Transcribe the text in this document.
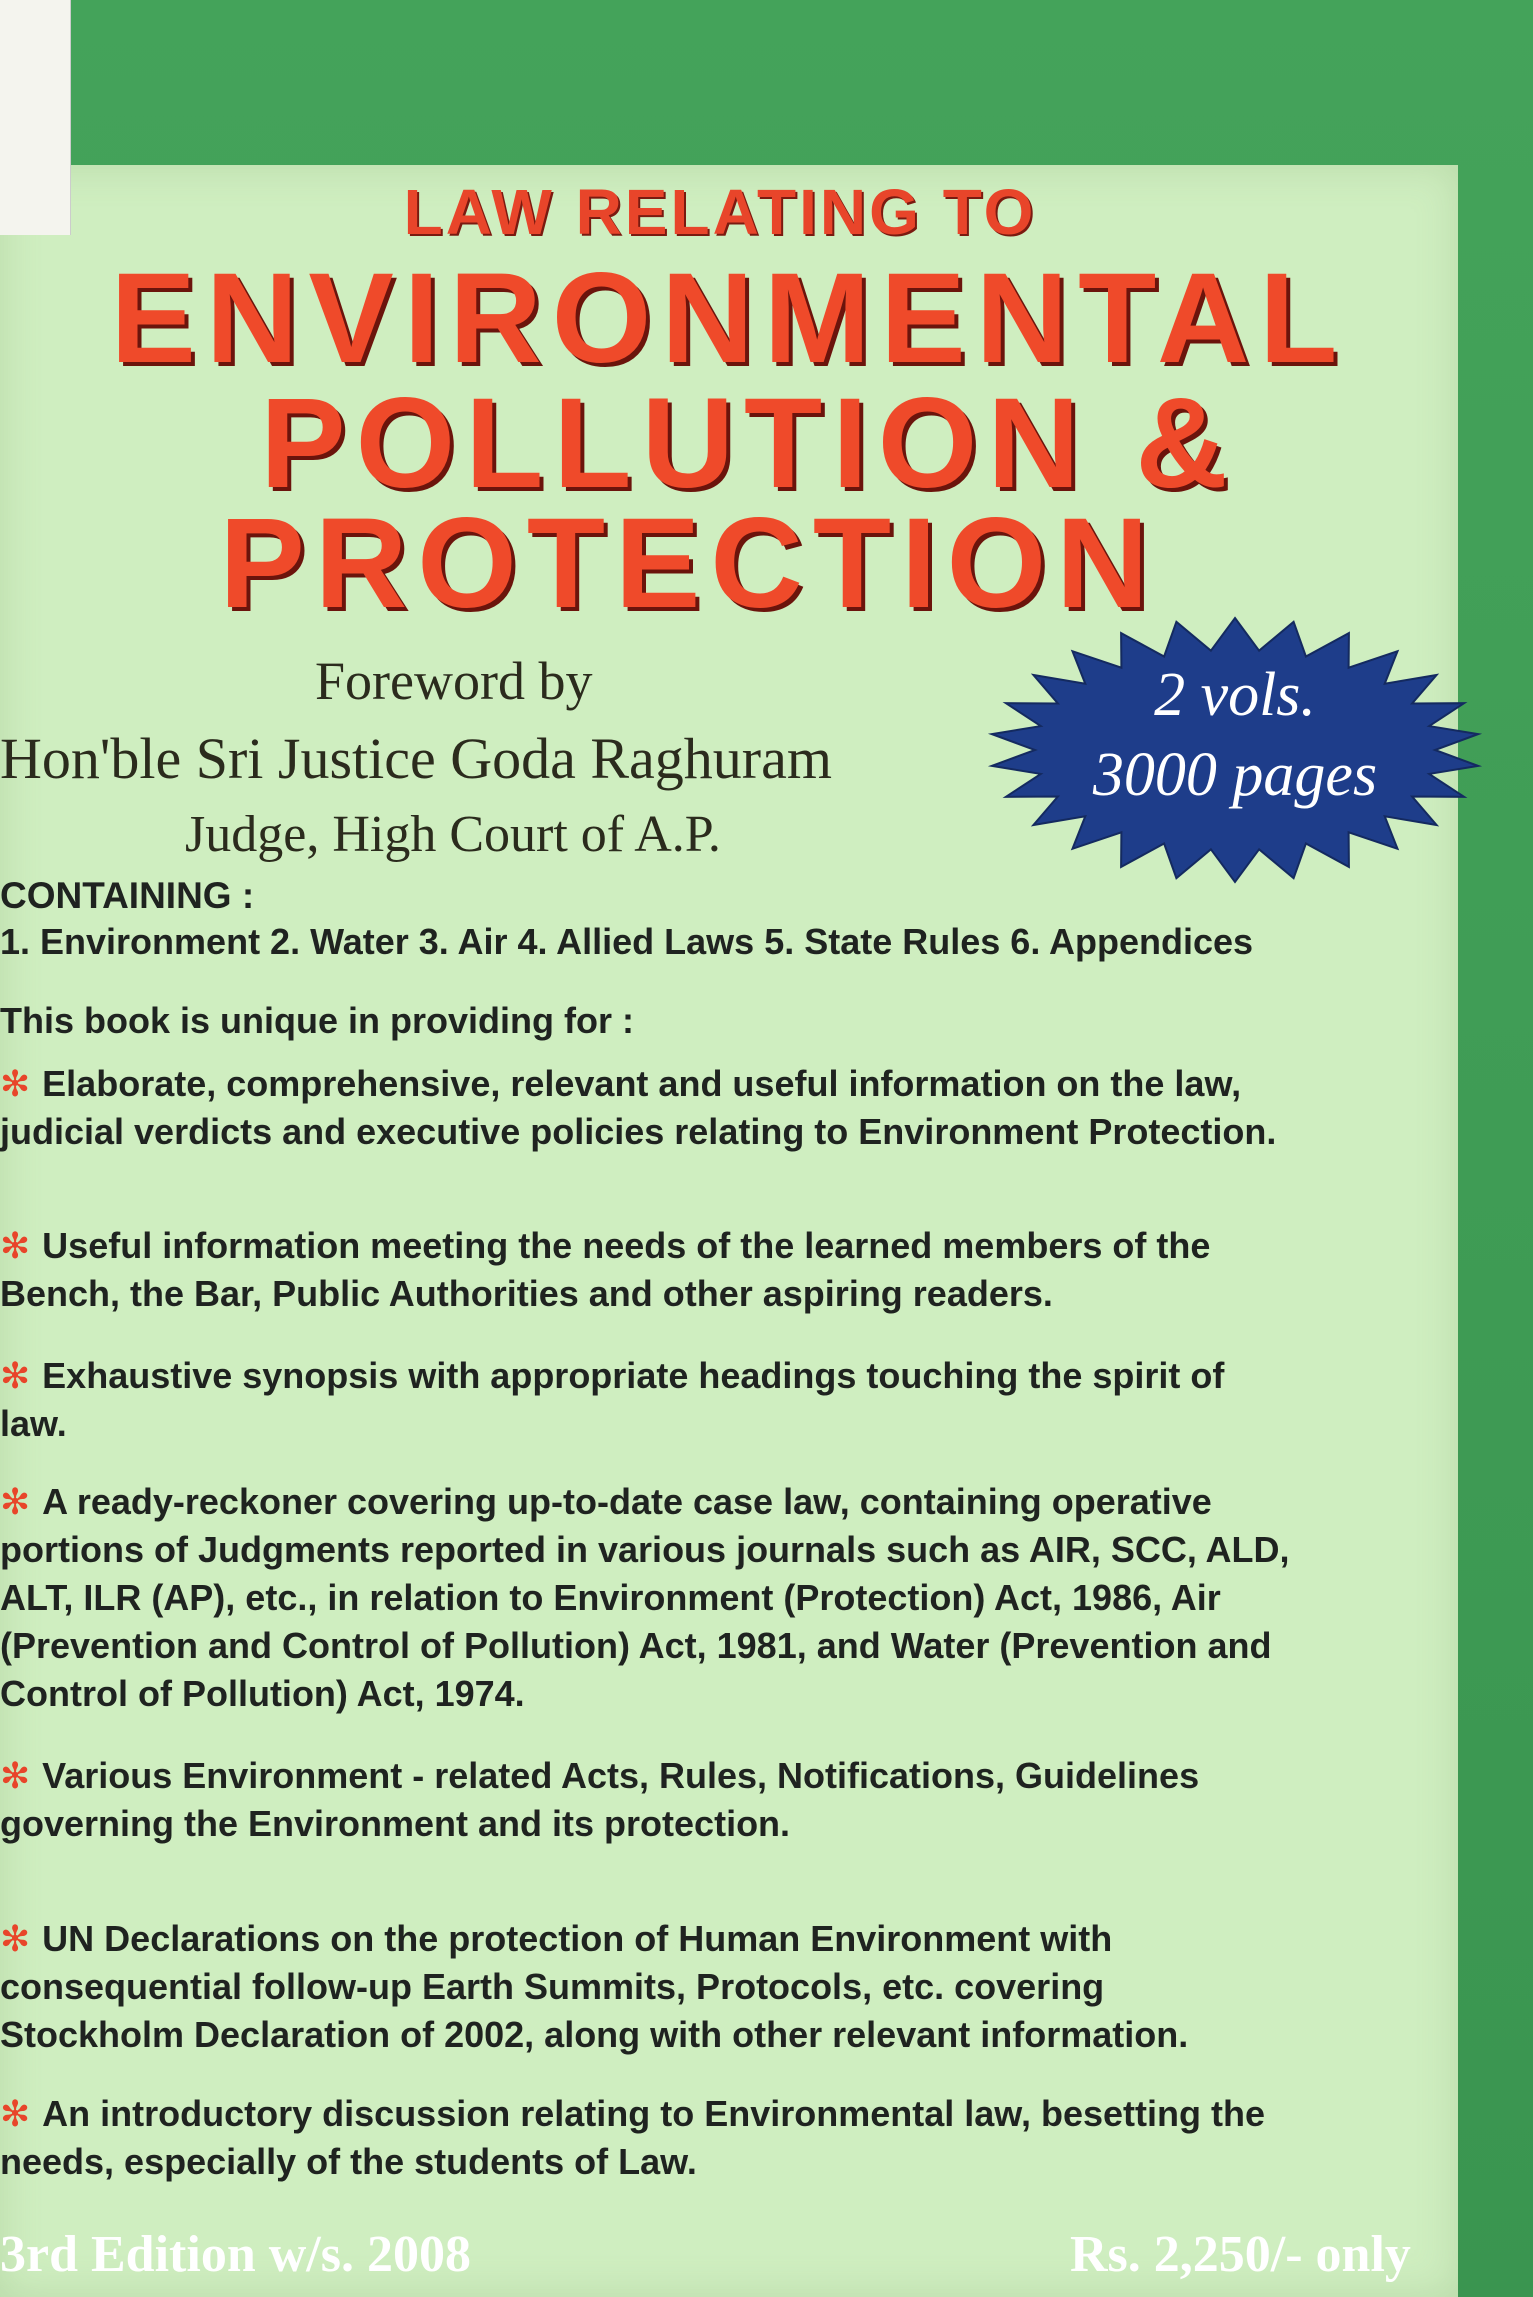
LAW RELATING TO
ENVIRONMENTAL
POLLUTION &
PROTECTION
Foreword by
Hon'ble Sri Justice Goda Raghuram
Judge, High Court of A.P.
2 vols.
3000 pages
CONTAINING :
1. Environment 2. Water 3. Air 4. Allied Laws 5. State Rules 6. Appendices
This book is unique in providing for :
✻ Elaborate, comprehensive, relevant and useful information on the law,
judicial verdicts and executive policies relating to Environment Protection.
✻ Useful information meeting the needs of the learned members of the
Bench, the Bar, Public Authorities and other aspiring readers.
✻ Exhaustive synopsis with appropriate headings touching the spirit of
law.
✻ A ready-reckoner covering up-to-date case law, containing operative
portions of Judgments reported in various journals such as AIR, SCC, ALD,
ALT, ILR (AP), etc., in relation to Environment (Protection) Act, 1986, Air
(Prevention and Control of Pollution) Act, 1981, and Water (Prevention and
Control of Pollution) Act, 1974.
✻ Various Environment - related Acts, Rules, Notifications, Guidelines
governing the Environment and its protection.
✻ UN Declarations on the protection of Human Environment with
consequential follow-up Earth Summits, Protocols, etc. covering
Stockholm Declaration of 2002, along with other relevant information.
✻ An introductory discussion relating to Environmental law, besetting the
needs, especially of the students of Law.
3rd Edition w/s. 2008	Rs. 2,250/- only
